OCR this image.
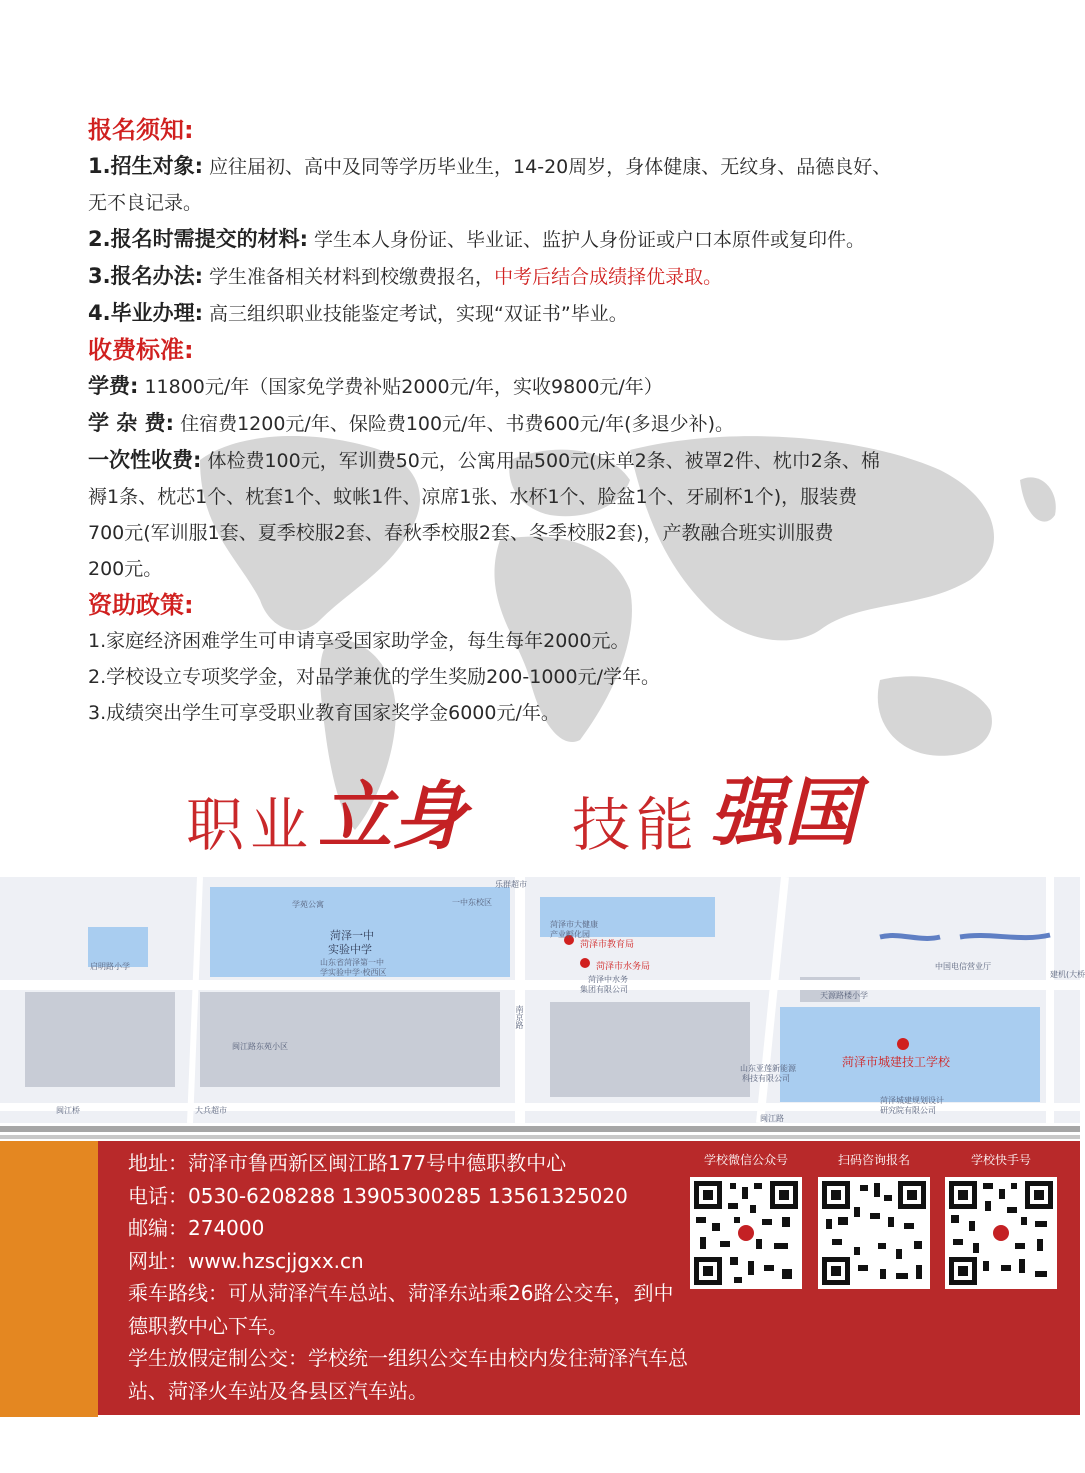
报名须知:

1.招生对象: 应往届初、高中及同等学历毕业生，14-20周岁，身体健康、无纹身、品德良好、

无不良记录。

2.报名时需提交的材料: 学生本人身份证、毕业证、监护人身份证或户口本原件或复印件。

3.报名办法: 学生准备相关材料到校缴费报名，中考后结合成绩择优录取。

4.毕业办理: 高三组织职业技能鉴定考试，实现“双证书”毕业。

收费标准:

学费: 11800元/年（国家免学费补贴2000元/年，实收9800元/年）

学 杂 费: 住宿费1200元/年、保险费100元/年、书费600元/年(多退少补)。

一次性收费: 体检费100元，军训费50元，公寓用品500元(床单2条、被罩2件、枕巾2条、棉

褥1条、枕芯1个、枕套1个、蚊帐1件、凉席1张、水杯1个、脸盆1个、牙刷杯1个)，服装费

700元(军训服1套、夏季校服2套、春秋季校服2套、冬季校服2套)，产教融合班实训服费

200元。

资助政策:

1.家庭经济困难学生可申请享受国家助学金，每生每年2000元。

2.学校设立专项奖学金，对品学兼优的学生奖励200-1000元/学年。

3.成绩突出学生可享受职业教育国家奖学金6000元/年。

职业 立身 技能 强国
乐群超市
学苑公寓
菏泽一中
实验中学
一中东校区
菏泽市大健康
产业孵化园
菏泽市教育局
菏泽市水务局
菏泽中水务
集团有限公司
山东省菏泽第一中
学实验中学·校西区
启明路小学	中国电信营业厅
天源路楼小学
闽江路东苑小区
山东亚莲新能源
科技有限公司
菏泽市城建技工学校
菏泽城建规划设计
研究院有限公司
闽江桥	大兵超市
闽江路
南京路
建机(大桥

地址：菏泽市鲁西新区闽江路177号中德职教中心

电话：0530-6208288 13905300285 13561325020

邮编：274000

网址：www.hzscjjgxx.cn

乘车路线：可从菏泽汽车总站、菏泽东站乘26路公交车，到中德职教中心下车。

学生放假定制公交：学校统一组织公交车由校内发往菏泽汽车总站、菏泽火车站及各县区汽车站。

学校微信公众号	扫码咨询报名	学校快手号
